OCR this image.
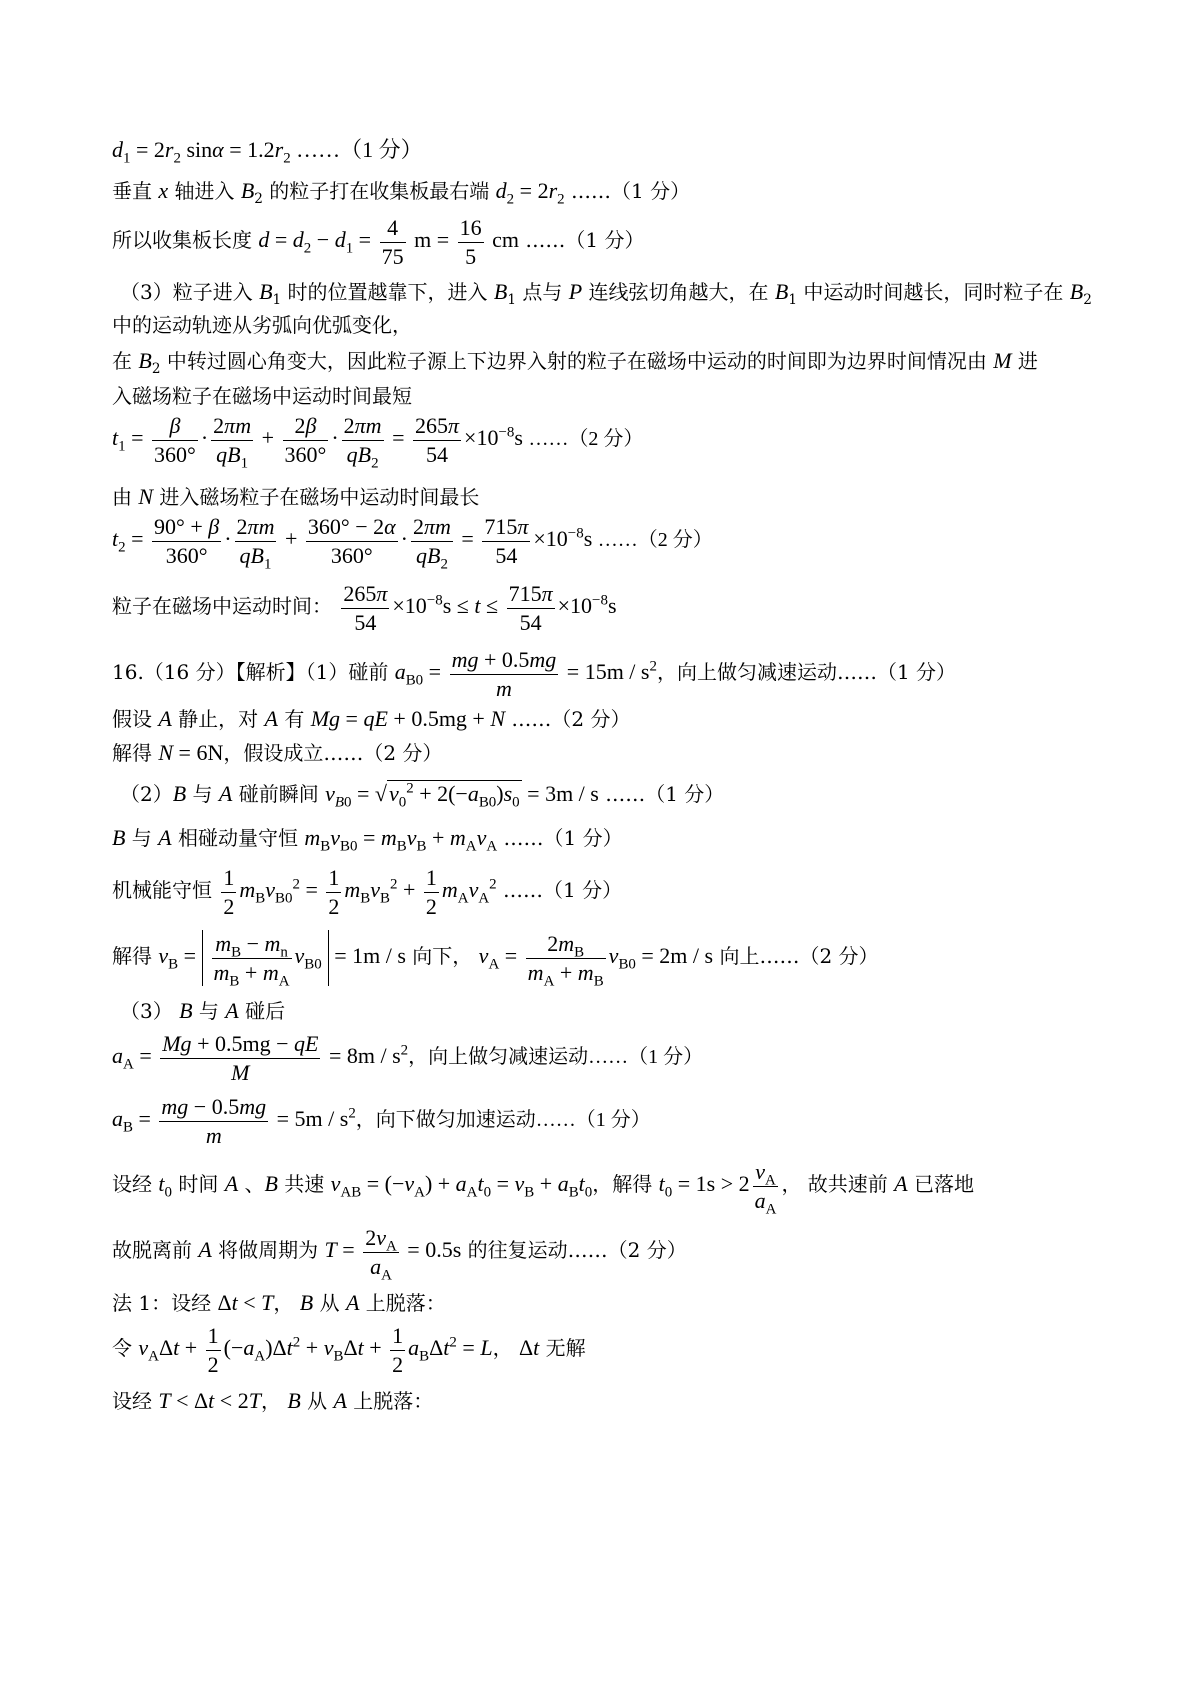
$d_1 = 2r_2$ $\sin\alpha = 1.2r_2$ ……（1 分）
垂直 x 轴进入 $B_2$ 的粒子打在收集板最右端 $d_2 = 2r_2$ ……（1 分）
所以收集板长度 $d = d_2 - d_1 = \frac{4}{75}$ $m = \frac{16}{5}$ cm ……（1 分）
（3）粒子进入 $B_1$ 时的位置越靠下，进入 $B_1$ 点与 P 连线弦切角越大，在 $B_1$ 中运动时间越长，同时粒子在 $B_2$
中的运动轨迹从劣弧向优弧变化，
在 $B_2$ 中转过圆心角变大，因此粒子源上下边界入射的粒子在磁场中运动的时间即为边界时间情况由 M 进
入磁场粒子在磁场中运动时间最短
$t_1 = \frac{\beta}{360^\circ} \cdot \frac{2\pi m}{qB_1} + \frac{2\beta}{360^\circ} \cdot \frac{2\pi m}{qB_2} = \frac{265\pi}{54} \times 10^{-8}s$ ……（2 分）
由 N 进入磁场粒子在磁场中运动时间最长
$t_2 = \frac{90^\circ + \beta}{360^\circ} \cdot \frac{2\pi m}{qB_1} + \frac{360^\circ - 2\alpha}{360^\circ} \cdot \frac{2\pi m}{qB_2} = \frac{715\pi}{54} \times 10^{-8}s$ ……（2 分）
粒子在磁场中运动时间： $\frac{265\pi}{54} \times 10^{-8}s \le t \le \frac{715\pi}{54} \times 10^{-8}s$
16.（16 分）【解析】（1）碰前 $a_{B0} = \frac{mg + 0.5mg}{m} = 15m / s^2$，向上做匀减速运动……（1 分）
假设 A 静止，对 A 有 Mg = qE + 0.5mg + N ……（2 分）
解得 N = 6N，假设成立……（2 分）
（2）B 与 A 碰前瞬间 $v_{B0} = √v_0^2 + 2(-a_{B0})s_0 = 3m / s$ ……（1 分）
B 与 A 相碰动量守恒 $m_Bv_{B0} = m_Bv_B + m_Av_A$ ……（1 分）
机械能守恒 $\frac{1}{2} m_Bv_{B0}^2 = \frac{1}{2} m_Bv_B^2 + \frac{1}{2} m_Av_A^2$ ……（1 分）
解得 $v_B = \frac{m_B - m_n}{m_B + m_A} v_{B0} = 1m / s$ 向下， $v_A = \frac{2m_B}{m_A + m_B} v_{B0} = 2m / s$ 向上……（2 分）
（3） B 与 A 碰后
$a_A = \frac{Mg + 0.5mg - qE}{M} = 8m / s^2$，向上做匀减速运动……（1 分）
$a_B = \frac{mg - 0.5mg}{m} = 5m / s^2$，向下做匀加速运动……（1 分）
设经 $t_0$ 时间 A 、B 共速 $v_{AB} = (-v_A) + a_At_0 = v_B + a_Bt_0$，解得 $t_0 = 1s > 2 \frac{v_A}{a_A}$ ， 故共速前 A 已落地
故脱离前 A 将做周期为 $T = \frac{2v_A}{a_A} = 0.5s$ 的往复运动……（2 分）
法 1：设经 Δt < T， B 从 A 上脱落：
令 $v_A\Delta t + \frac{1}{2} (-a_A)\Delta t^2 + v_B\Delta t + \frac{1}{2} a_B\Delta t^2 = L$， Δt 无解
设经 T < Δt < 2T， B 从 A 上脱落：
